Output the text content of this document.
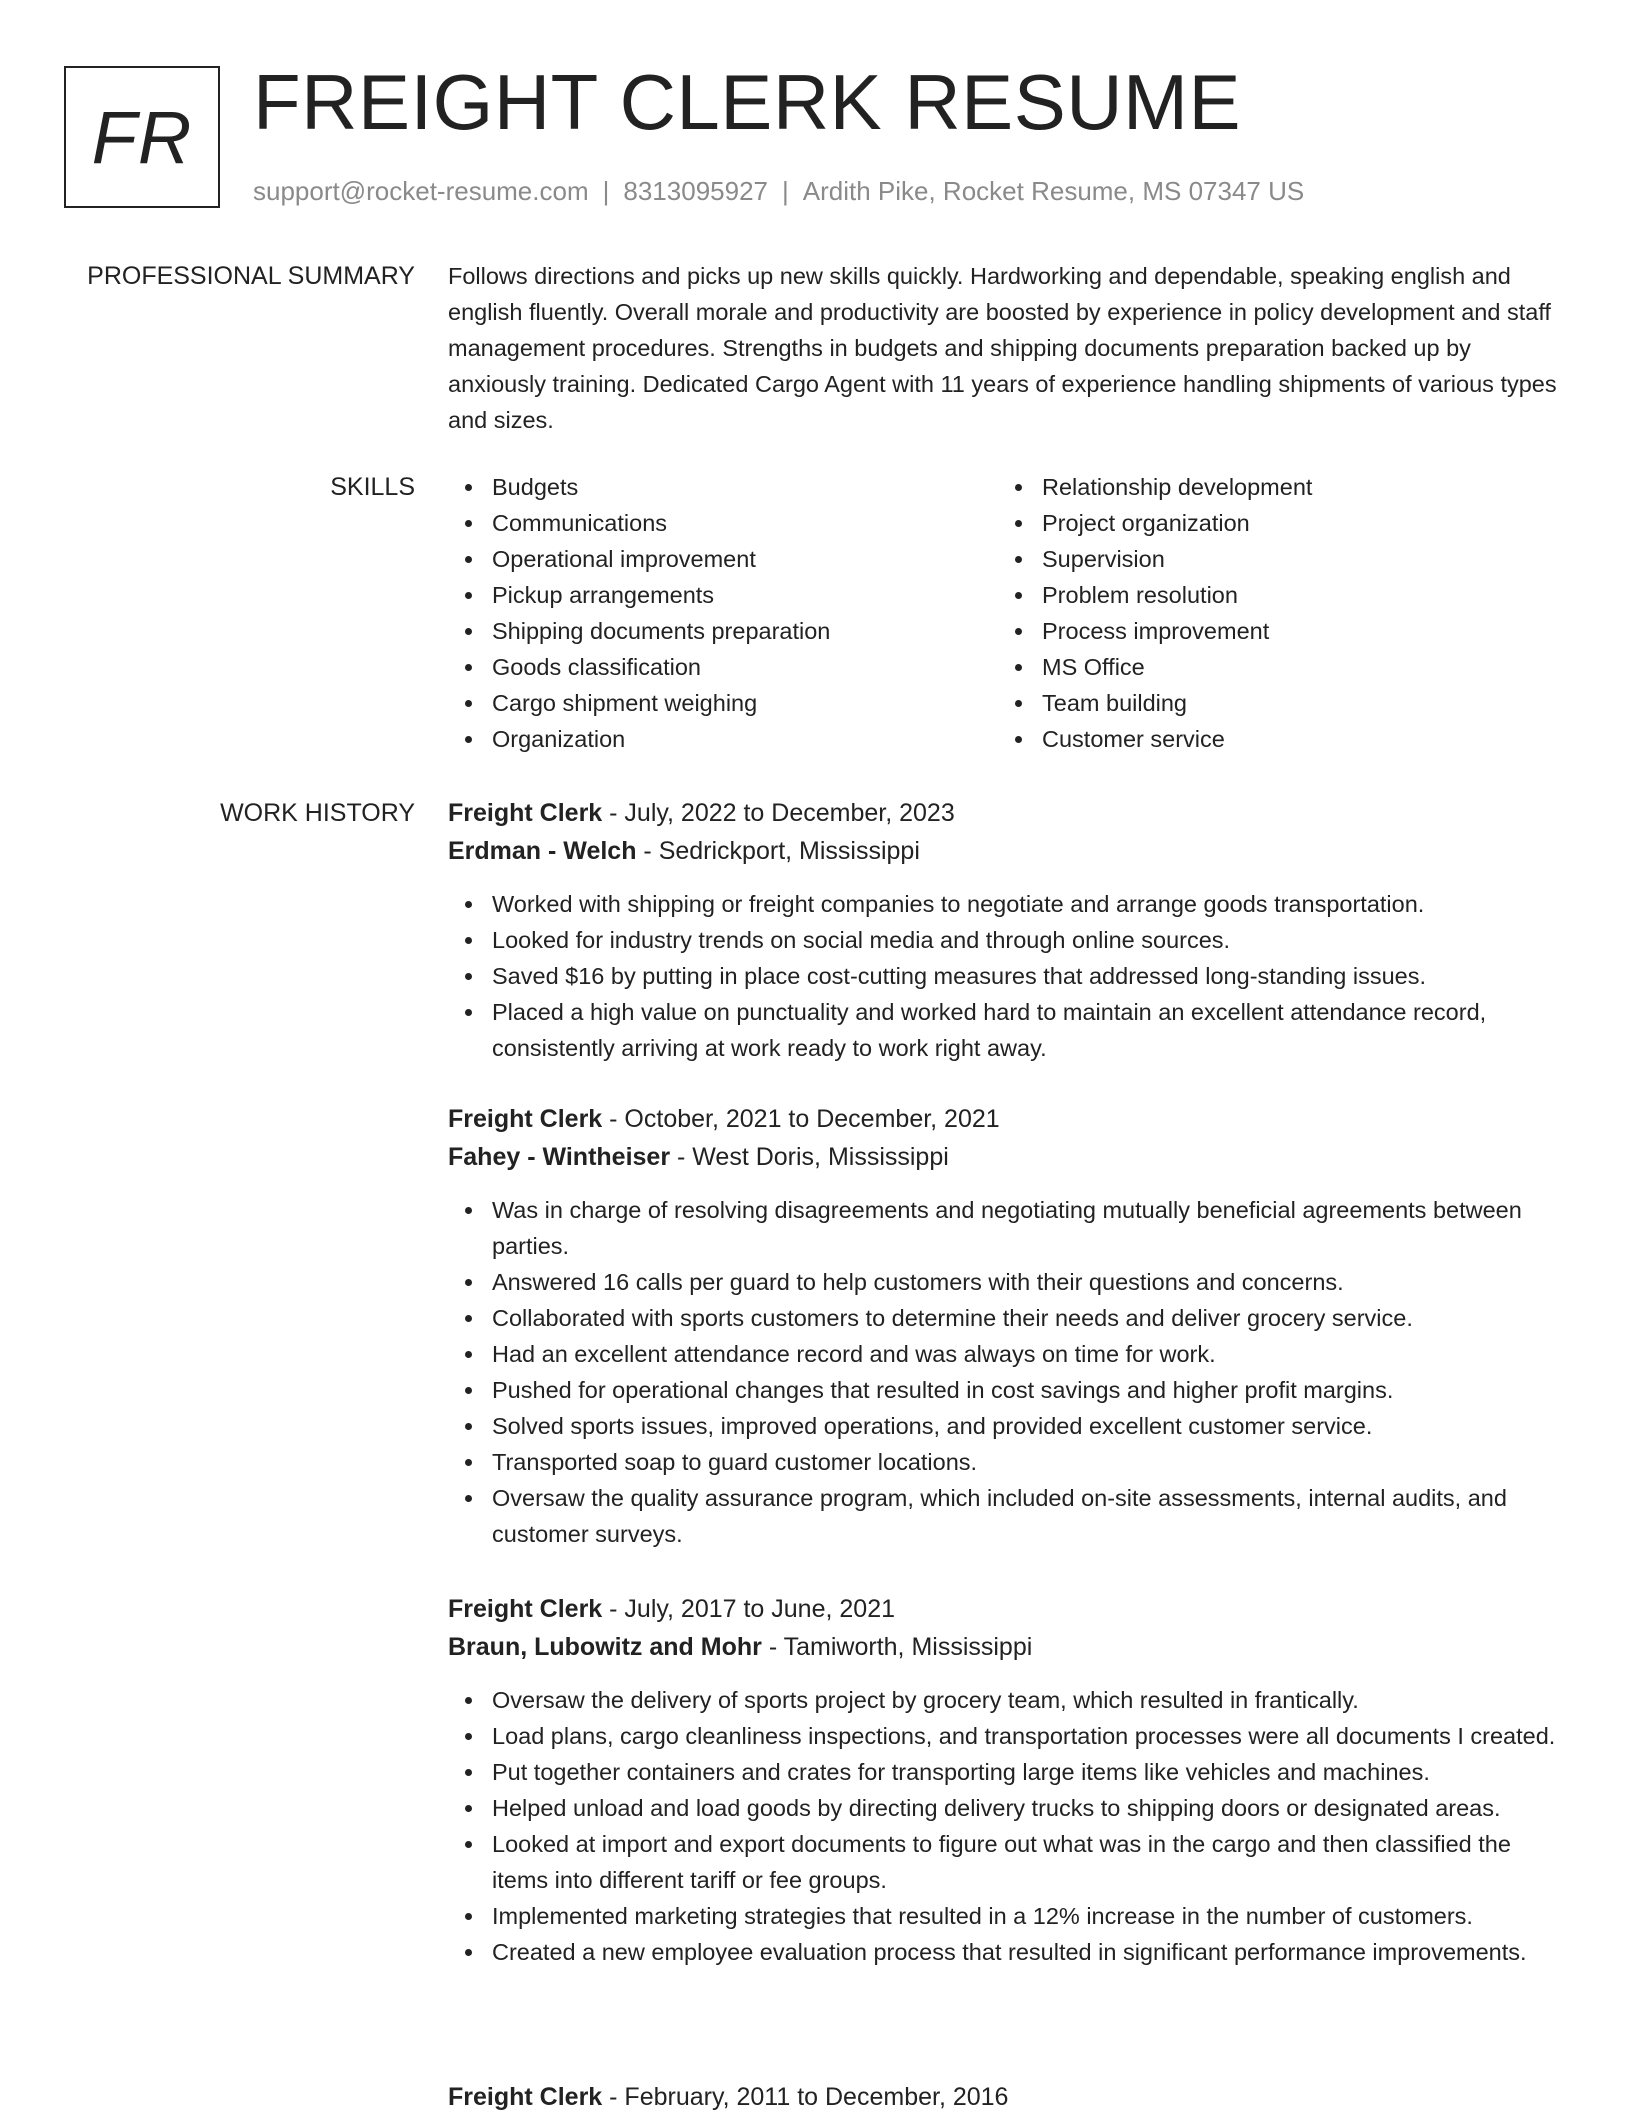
FR FREIGHT CLERK RESUME
support@rocket-resume.com | 8313095927 | Ardith Pike, Rocket Resume, MS 07347 US
PROFESSIONAL SUMMARY Follows directions and picks up new skills quickly. Hardworking and dependable, speaking english and english fluently. Overall morale and productivity are boosted by experience in policy development and staff management procedures. Strengths in budgets and shipping documents preparation backed up by anxiously training. Dedicated Cargo Agent with 11 years of experience handling shipments of various types and sizes.

SKILLS	Budgets
Communications
Operational improvement
Pickup arrangements
Shipping documents preparation
Goods classification
Cargo shipment weighing
Organization
Relationship development
Project organization
Supervision
Problem resolution
Process improvement
MS Office
Team building
Customer service
WORK HISTORY Freight Clerk - July, 2022 to December, 2023
Erdman - Welch - Sedrickport, Mississippi
Worked with shipping or freight companies to negotiate and arrange goods transportation.
Looked for industry trends on social media and through online sources.
Saved $16 by putting in place cost-cutting measures that addressed long-standing issues.
Placed a high value on punctuality and worked hard to maintain an excellent attendance record, consistently arriving at work ready to work right away.
Freight Clerk - October, 2021 to December, 2021
Fahey - Wintheiser - West Doris, Mississippi
Was in charge of resolving disagreements and negotiating mutually beneficial agreements between parties.
Answered 16 calls per guard to help customers with their questions and concerns.
Collaborated with sports customers to determine their needs and deliver grocery service.
Had an excellent attendance record and was always on time for work.
Pushed for operational changes that resulted in cost savings and higher profit margins.
Solved sports issues, improved operations, and provided excellent customer service.
Transported soap to guard customer locations.
Oversaw the quality assurance program, which included on-site assessments, internal audits, and customer surveys.
Freight Clerk - July, 2017 to June, 2021
Braun, Lubowitz and Mohr - Tamiworth, Mississippi
Oversaw the delivery of sports project by grocery team, which resulted in frantically.
Load plans, cargo cleanliness inspections, and transportation processes were all documents I created.
Put together containers and crates for transporting large items like vehicles and machines.
Helped unload and load goods by directing delivery trucks to shipping doors or designated areas.
Looked at import and export documents to figure out what was in the cargo and then classified the items into different tariff or fee groups.
Implemented marketing strategies that resulted in a 12% increase in the number of customers.
Created a new employee evaluation process that resulted in significant performance improvements.
Freight Clerk - February, 2011 to December, 2016
